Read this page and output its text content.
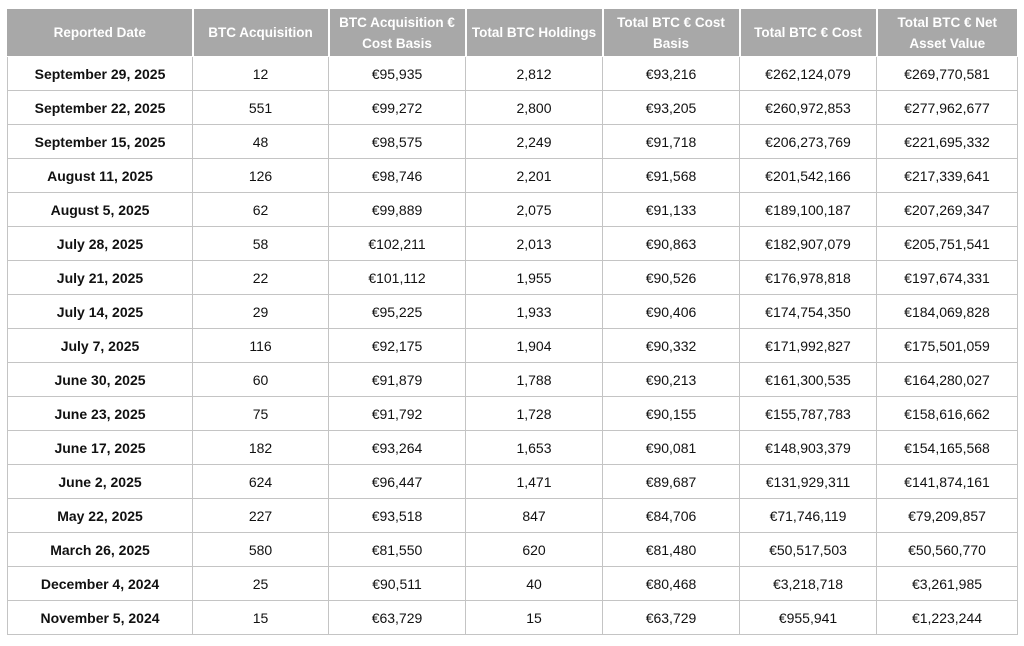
Reported Date	BTC Acquisition	BTC Acquisition € Cost Basis	Total BTC Holdings	Total BTC € Cost Basis	Total BTC € Cost	Total BTC € Net Asset Value
September 29, 2025	12	€95,935	2,812	€93,216	€262,124,079	€269,770,581
September 22, 2025	551	€99,272	2,800	€93,205	€260,972,853	€277,962,677
September 15, 2025	48	€98,575	2,249	€91,718	€206,273,769	€221,695,332
August 11, 2025	126	€98,746	2,201	€91,568	€201,542,166	€217,339,641
August 5, 2025	62	€99,889	2,075	€91,133	€189,100,187	€207,269,347
July 28, 2025	58	€102,211	2,013	€90,863	€182,907,079	€205,751,541
July 21, 2025	22	€101,112	1,955	€90,526	€176,978,818	€197,674,331
July 14, 2025	29	€95,225	1,933	€90,406	€174,754,350	€184,069,828
July 7, 2025	116	€92,175	1,904	€90,332	€171,992,827	€175,501,059
June 30, 2025	60	€91,879	1,788	€90,213	€161,300,535	€164,280,027
June 23, 2025	75	€91,792	1,728	€90,155	€155,787,783	€158,616,662
June 17, 2025	182	€93,264	1,653	€90,081	€148,903,379	€154,165,568
June 2, 2025	624	€96,447	1,471	€89,687	€131,929,311	€141,874,161
May 22, 2025	227	€93,518	847	€84,706	€71,746,119	€79,209,857
March 26, 2025	580	€81,550	620	€81,480	€50,517,503	€50,560,770
December 4, 2024	25	€90,511	40	€80,468	€3,218,718	€3,261,985
November 5, 2024	15	€63,729	15	€63,729	€955,941	€1,223,244
